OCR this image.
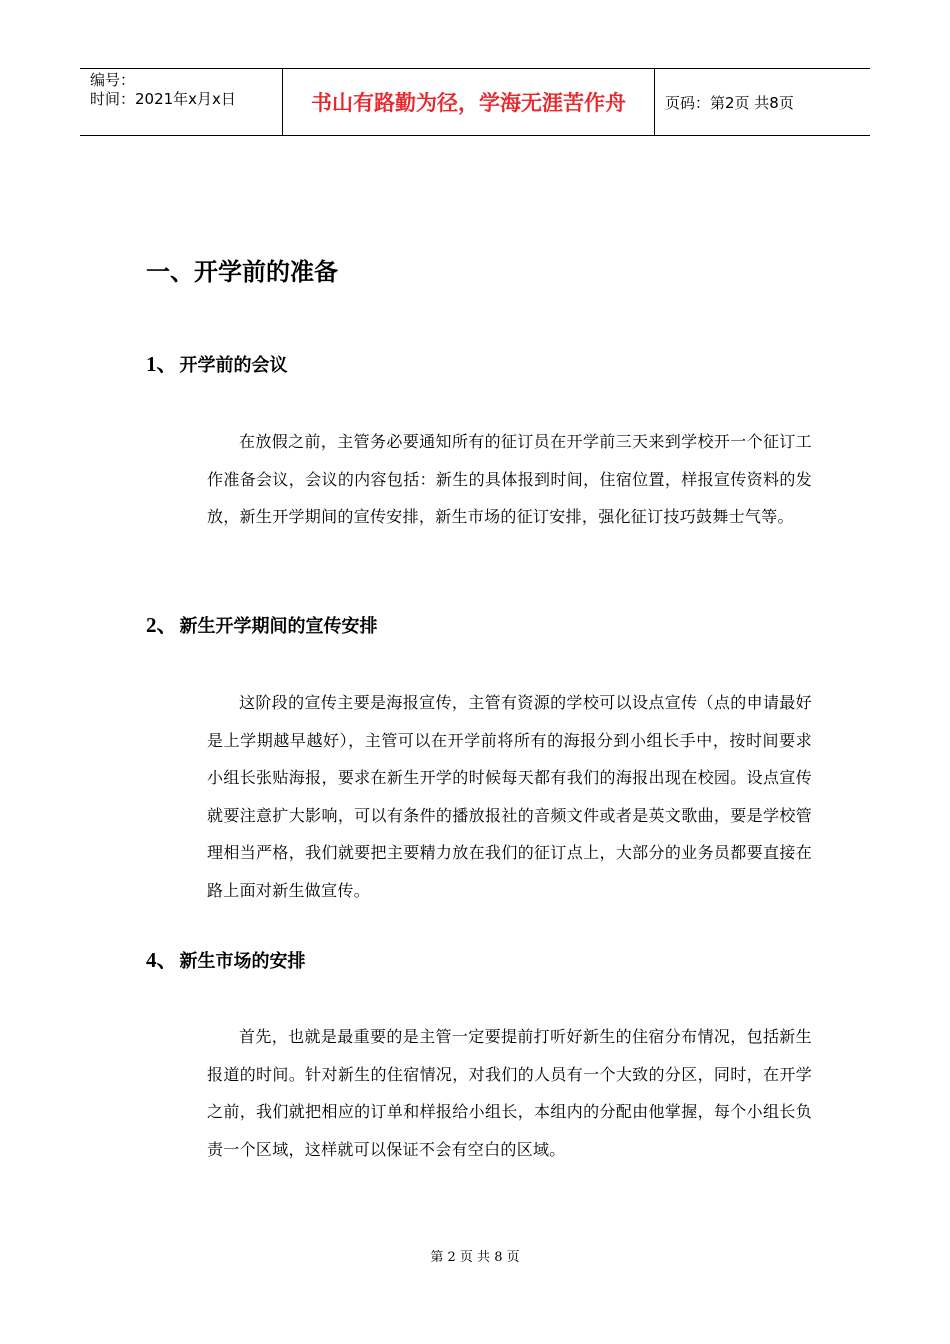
编号：
时间：2021年x月x日	书山有路勤为径，学海无涯苦作舟	页码：第2页 共8页
一、开学前的准备
1、 开学前的会议
在放假之前，主管务必要通知所有的征订员在开学前三天来到学校开一个征订工作准备会议，会议的内容包括：新生的具体报到时间，住宿位置，样报宣传资料的发放，新生开学期间的宣传安排，新生市场的征订安排，强化征订技巧鼓舞士气等。
2、 新生开学期间的宣传安排
这阶段的宣传主要是海报宣传，主管有资源的学校可以设点宣传（点的申请最好是上学期越早越好），主管可以在开学前将所有的海报分到小组长手中，按时间要求小组长张贴海报，要求在新生开学的时候每天都有我们的海报出现在校园。设点宣传就要注意扩大影响，可以有条件的播放报社的音频文件或者是英文歌曲，要是学校管理相当严格，我们就要把主要精力放在我们的征订点上，大部分的业务员都要直接在路上面对新生做宣传。
4、 新生市场的安排
首先，也就是最重要的是主管一定要提前打听好新生的住宿分布情况，包括新生报道的时间。针对新生的住宿情况，对我们的人员有一个大致的分区，同时，在开学之前，我们就把相应的订单和样报给小组长，本组内的分配由他掌握，每个小组长负责一个区域，这样就可以保证不会有空白的区域。
第 2 页 共 8 页
